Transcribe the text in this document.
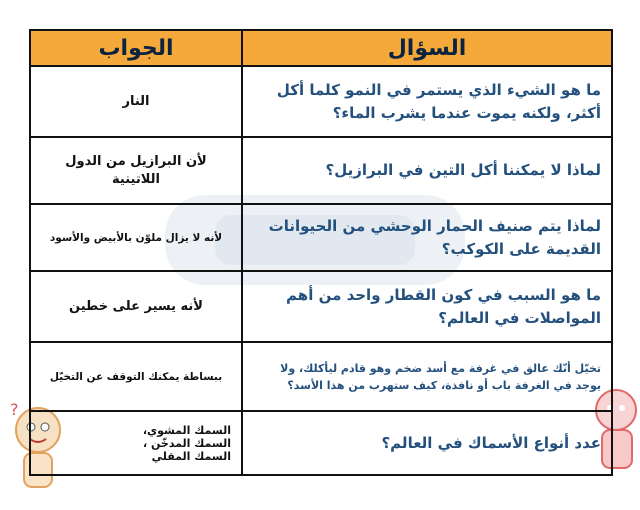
?
الجواب	السؤال
النار	ما هو الشيء الذي يستمر في النمو كلما أكل أكثر، ولكنه يموت عندما يشرب الماء؟
لأن البرازيل من الدول اللاتينية	لماذا لا يمكننا أكل التين في البرازيل؟
لأنه لا يزال ملوّن بالأبيض والأسود	لماذا يتم صنيف الحمار الوحشي من الحيوانات القديمة على الكوكب؟
لأنه يسير على خطين	ما هو السبب في كون القطار واحد من أهم المواصلات في العالم؟
ببساطة يمكنك التوقف عن التخيّل	تخيّل أنّك عالق في غرفة مع أسد ضخم وهو قادم ليأكلك، ولا يوجد في الغرفة باب أو نافذة، كيف ستهرب من هذا الأسد؟

السمك المشوي،
السمك المدخّن ،
السمك المقلي	عدد أنواع الأسماك في العالم؟
